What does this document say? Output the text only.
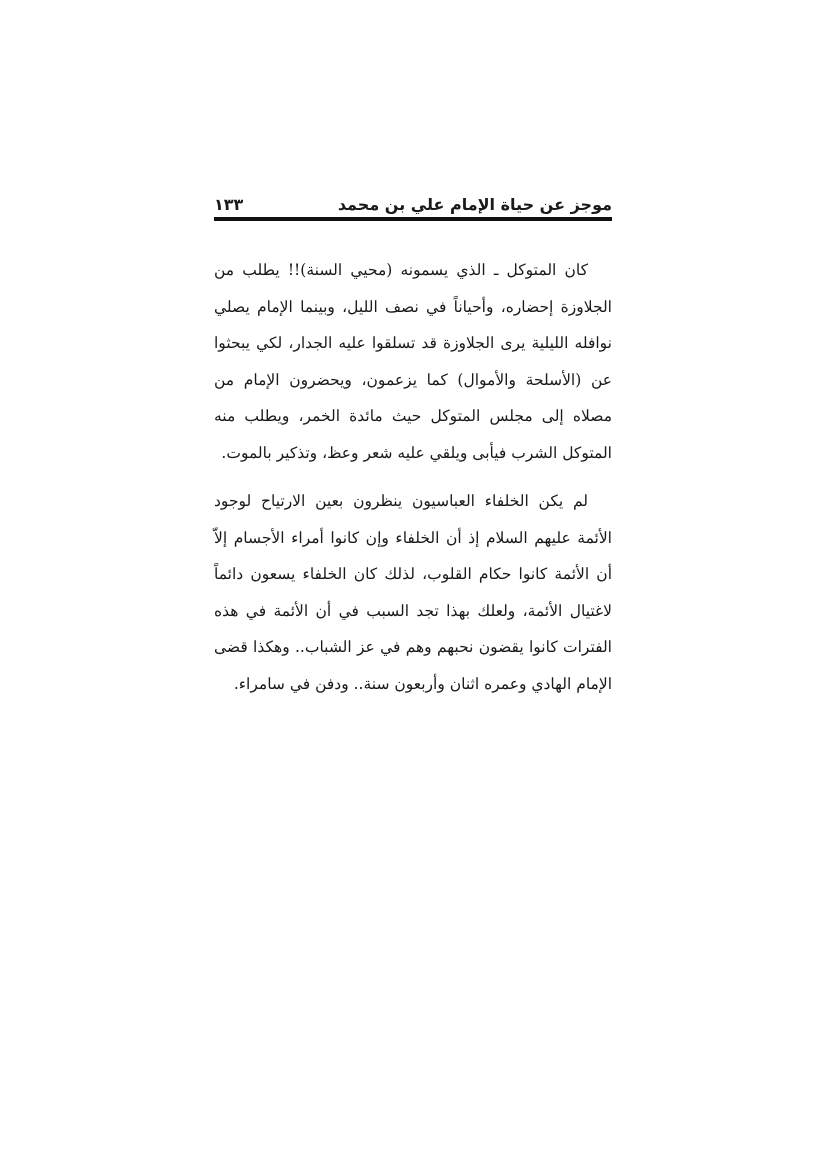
موجز عن حياة الإمام علي بن محمد
١٣٣

كان المتوكل ـ الذي يسمونه (محيي السنة)!! يطلب من الجلاوزة إحضاره، وأحياناً في نصف الليل، وبينما الإمام يصلي نوافله الليلية يرى الجلاوزة قد تسلقوا عليه الجدار، لكي يبحثوا عن (الأسلحة والأموال) كما يزعمون، ويحضرون الإمام من مصلاه إلى مجلس المتوكل حيث مائدة الخمر، ويطلب منه المتوكل الشرب فيأبى ويلقي عليه شعر وعظ، وتذكير بالموت.

لم يكن الخلفاء العباسيون ينظرون بعين الارتياح لوجود الأئمة عليهم السلام إذ أن الخلفاء وإن كانوا أمراء الأجسام إلاّ أن الأئمة كانوا حكام القلوب، لذلك كان الخلفاء يسعون دائماً لاغتيال الأئمة، ولعلك بهذا تجد السبب في أن الأئمة في هذه الفترات كانوا يقضون نحبهم وهم في عز الشباب.. وهكذا قضى الإمام الهادي وعمره اثنان وأربعون سنة.. ودفن في سامراء.
